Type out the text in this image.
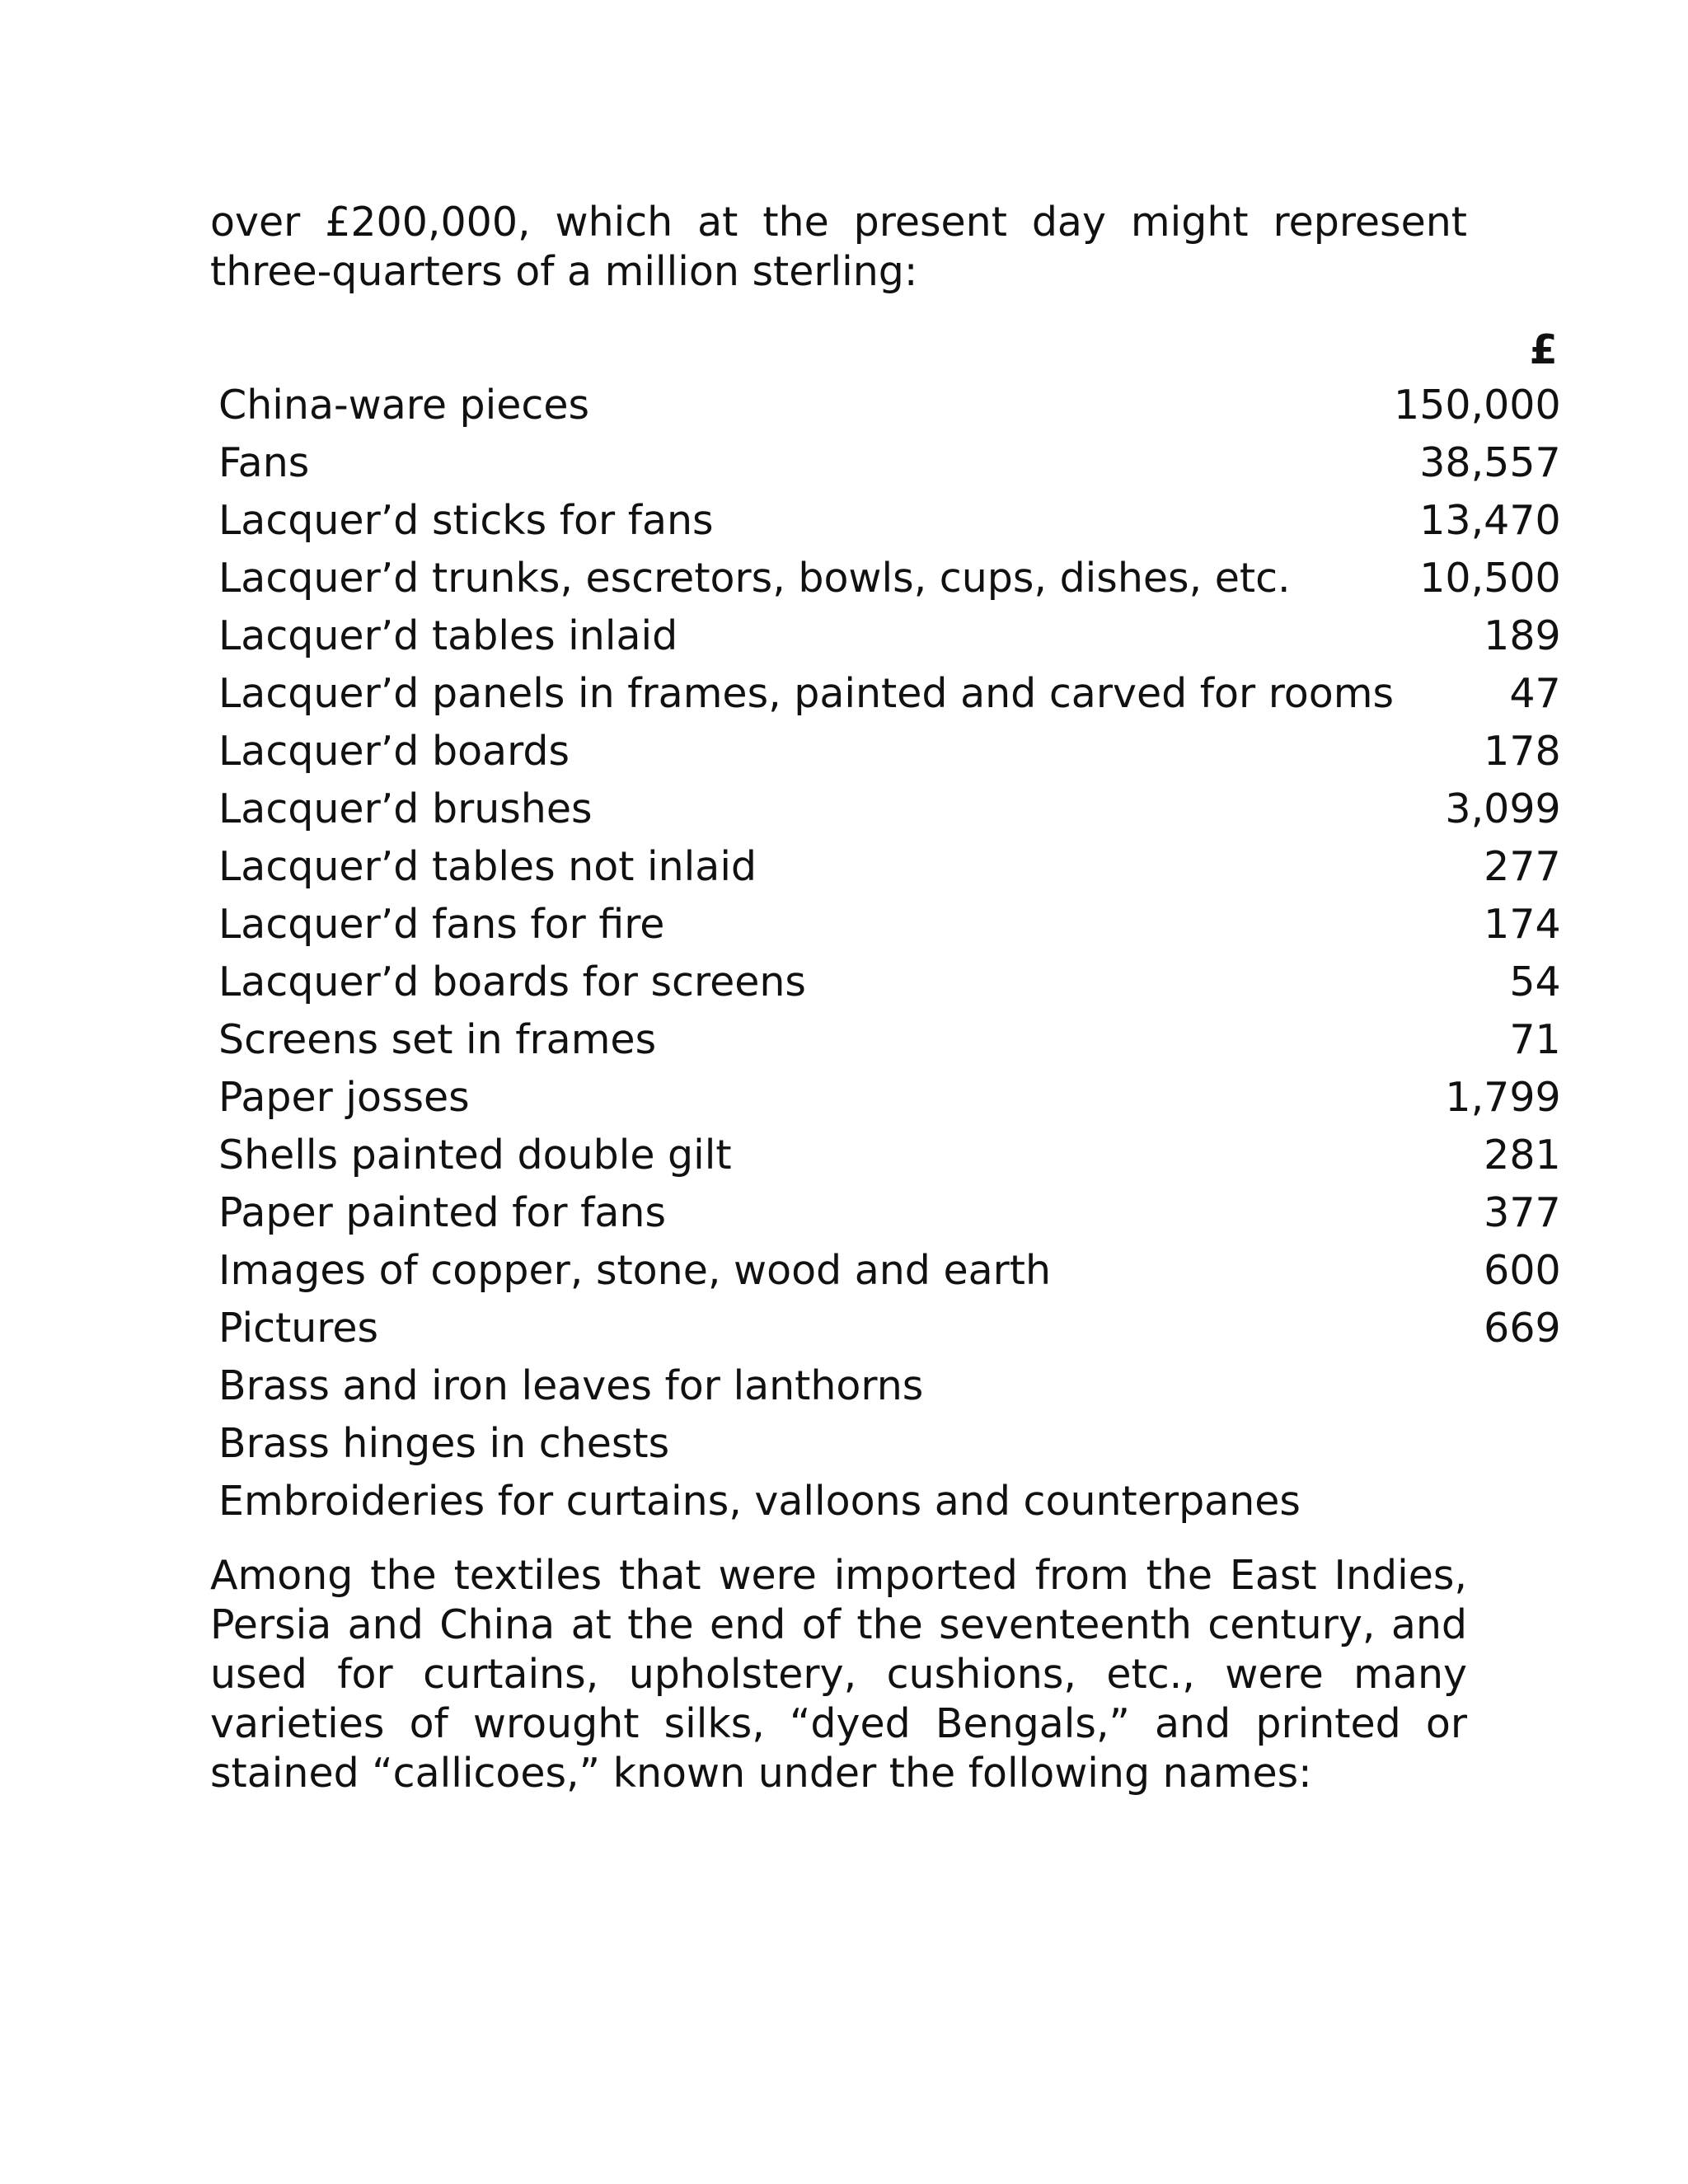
over £200,000, which at the present day might represent three-quarters of a million sterling:

£	
China-ware pieces	150,000
Fans	38,557
Lacquer’d sticks for fans	13,470
Lacquer’d trunks, escretors, bowls, cups, dishes, etc.	10,500
Lacquer’d tables inlaid	189
Lacquer’d panels in frames, painted and carved for rooms	47
Lacquer’d boards	178
Lacquer’d brushes	3,099
Lacquer’d tables not inlaid	277
Lacquer’d fans for fire	174
Lacquer’d boards for screens	54
Screens set in frames	71
Paper josses	1,799
Shells painted double gilt	281
Paper painted for fans	377
Images of copper, stone, wood and earth	600
Pictures	669
Brass and iron leaves for lanthorns	
Brass hinges in chests	
Embroideries for curtains, valloons and counterpanes	

Among the textiles that were imported from the East Indies, Persia and China at the end of the seventeenth century, and used for curtains, upholstery, cushions, etc., were many varieties of wrought silks, “dyed Bengals,” and printed or stained “callicoes,” known under the following names:
